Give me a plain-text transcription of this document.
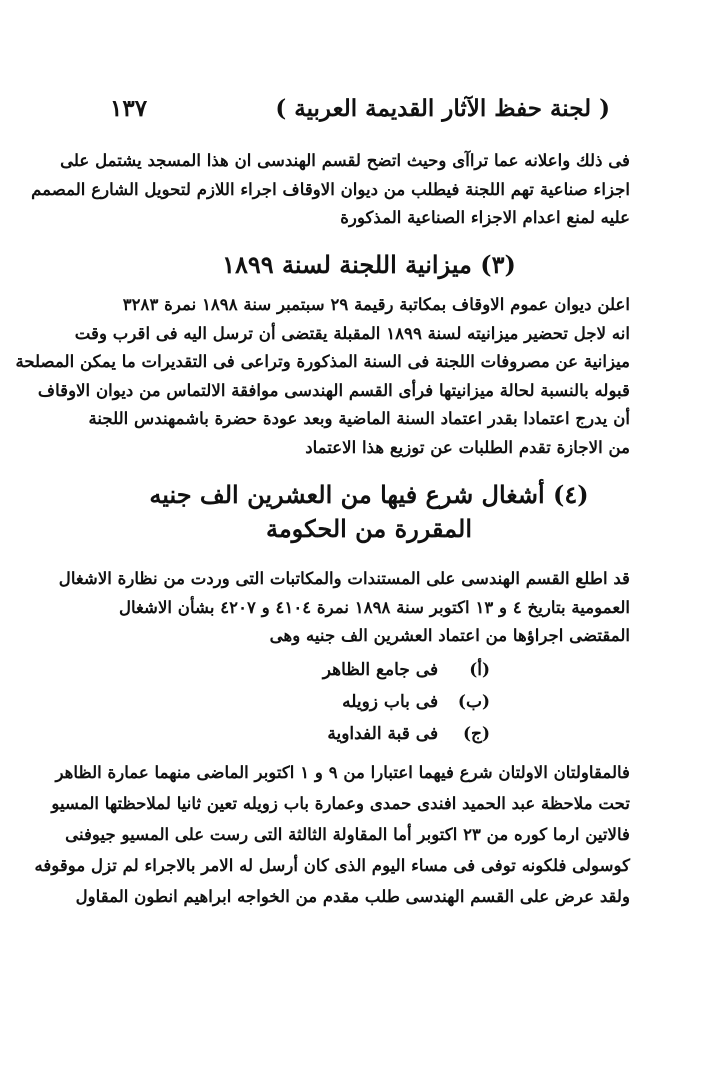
( لجنة حفظ الآثار القديمة العربية )
١٣٧

فى ذلك واعلانه عما تراآى وحيث اتضح لقسم الهندسى ان هذا المسجد يشتمل على
اجزاء صناعية تهم اللجنة فيطلب من ديوان الاوقاف اجراء اللازم لتحويل الشارع المصمم
عليه لمنع اعدام الاجزاء الصناعية المذكورة

(٣) ميزانية اللجنة لسنة ١٨٩٩

اعلن ديوان عموم الاوقاف بمكاتبة رقيمة ٢٩ سبتمبر سنة ١٨٩٨ نمرة ٣٢٨٣
انه لاجل تحضير ميزانيته لسنة ١٨٩٩ المقبلة يقتضى أن ترسل اليه فى اقرب وقت
ميزانية عن مصروفات اللجنة فى السنة المذكورة وتراعى فى التقديرات ما يمكن المصلحة
قبوله بالنسبة لحالة ميزانيتها فرأى القسم الهندسى موافقة الالتماس من ديوان الاوقاف
أن يدرج اعتمادا بقدر اعتماد السنة الماضية وبعد عودة حضرة باشمهندس اللجنة
من الاجازة تقدم الطلبات عن توزيع هذا الاعتماد

(٤) أشغال شرع فيها من العشرين الف جنيه

المقررة من الحكومة

قد اطلع القسم الهندسى على المستندات والمكاتبات التى وردت من نظارة الاشغال
العمومية بتاريخ ٤ و ١٣ اكتوبر سنة ١٨٩٨ نمرة ٤١٠٤ و ٤٢٠٧ بشأن الاشغال
المقتضى اجراؤها من اعتماد العشرين الف جنيه وهى

(أ) فى جامع الظاهر
(ب) فى باب زويله
(ج) فى قبة الفداوية

فالمقاولتان الاولتان شرع فيهما اعتبارا من ٩ و ١ اكتوبر الماضى منهما عمارة الظاهر
تحت ملاحظة عبد الحميد افندى حمدى وعمارة باب زويله تعين ثانيا لملاحظتها المسيو
فالاتين ارما كوره من ٢٣ اكتوبر أما المقاولة الثالثة التى رست على المسيو جيوفنى
كوسولى فلكونه توفى فى مساء اليوم الذى كان أرسل له الامر بالاجراء لم تزل موقوفه
ولقد عرض على القسم الهندسى طلب مقدم من الخواجه ابراهيم انطون المقاول
